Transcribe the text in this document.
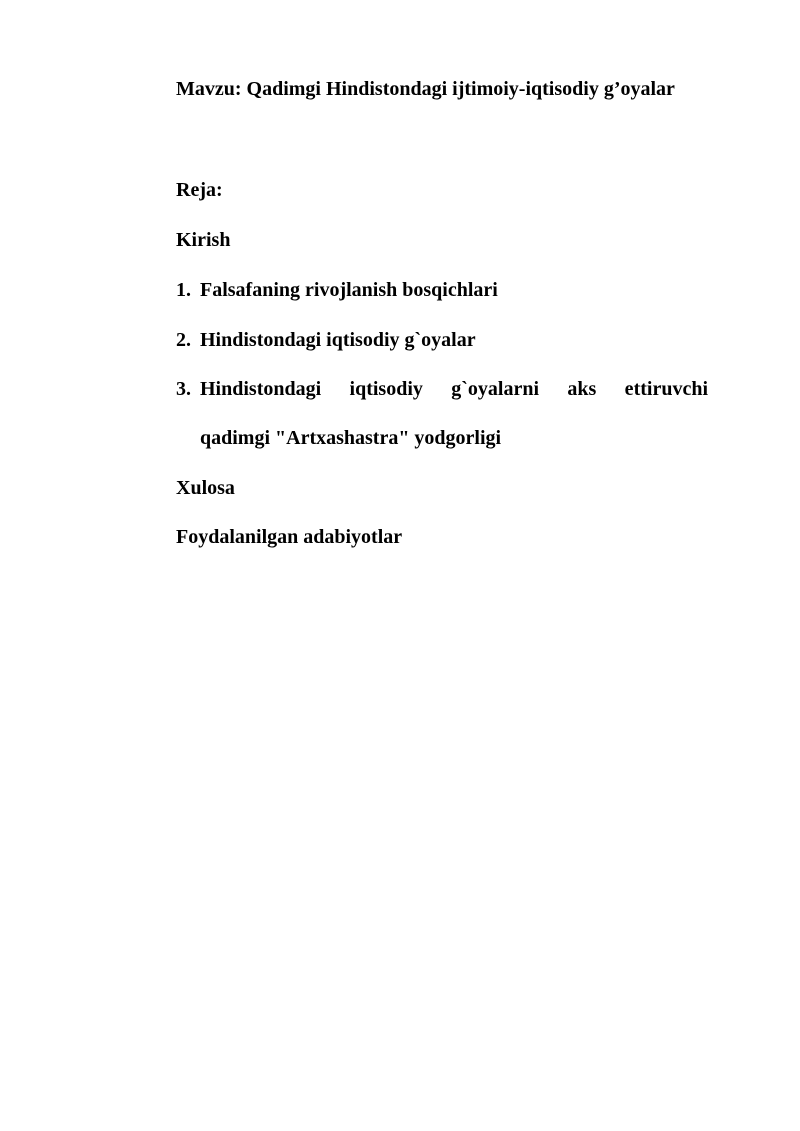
Mavzu: Qadimgi Hindistondagi ijtimoiy-iqtisodiy g’oyalar
Reja:
Kirish
1. Falsafaning rivojlanish bosqichlari
2. Hindistondagi iqtisodiy g`oyalar
3. Hindistondagi iqtisodiy g`oyalarni aks ettiruvchi
qadimgi "Artxashastra" yodgorligi
Xulosa
Foydalanilgan adabiyotlar
